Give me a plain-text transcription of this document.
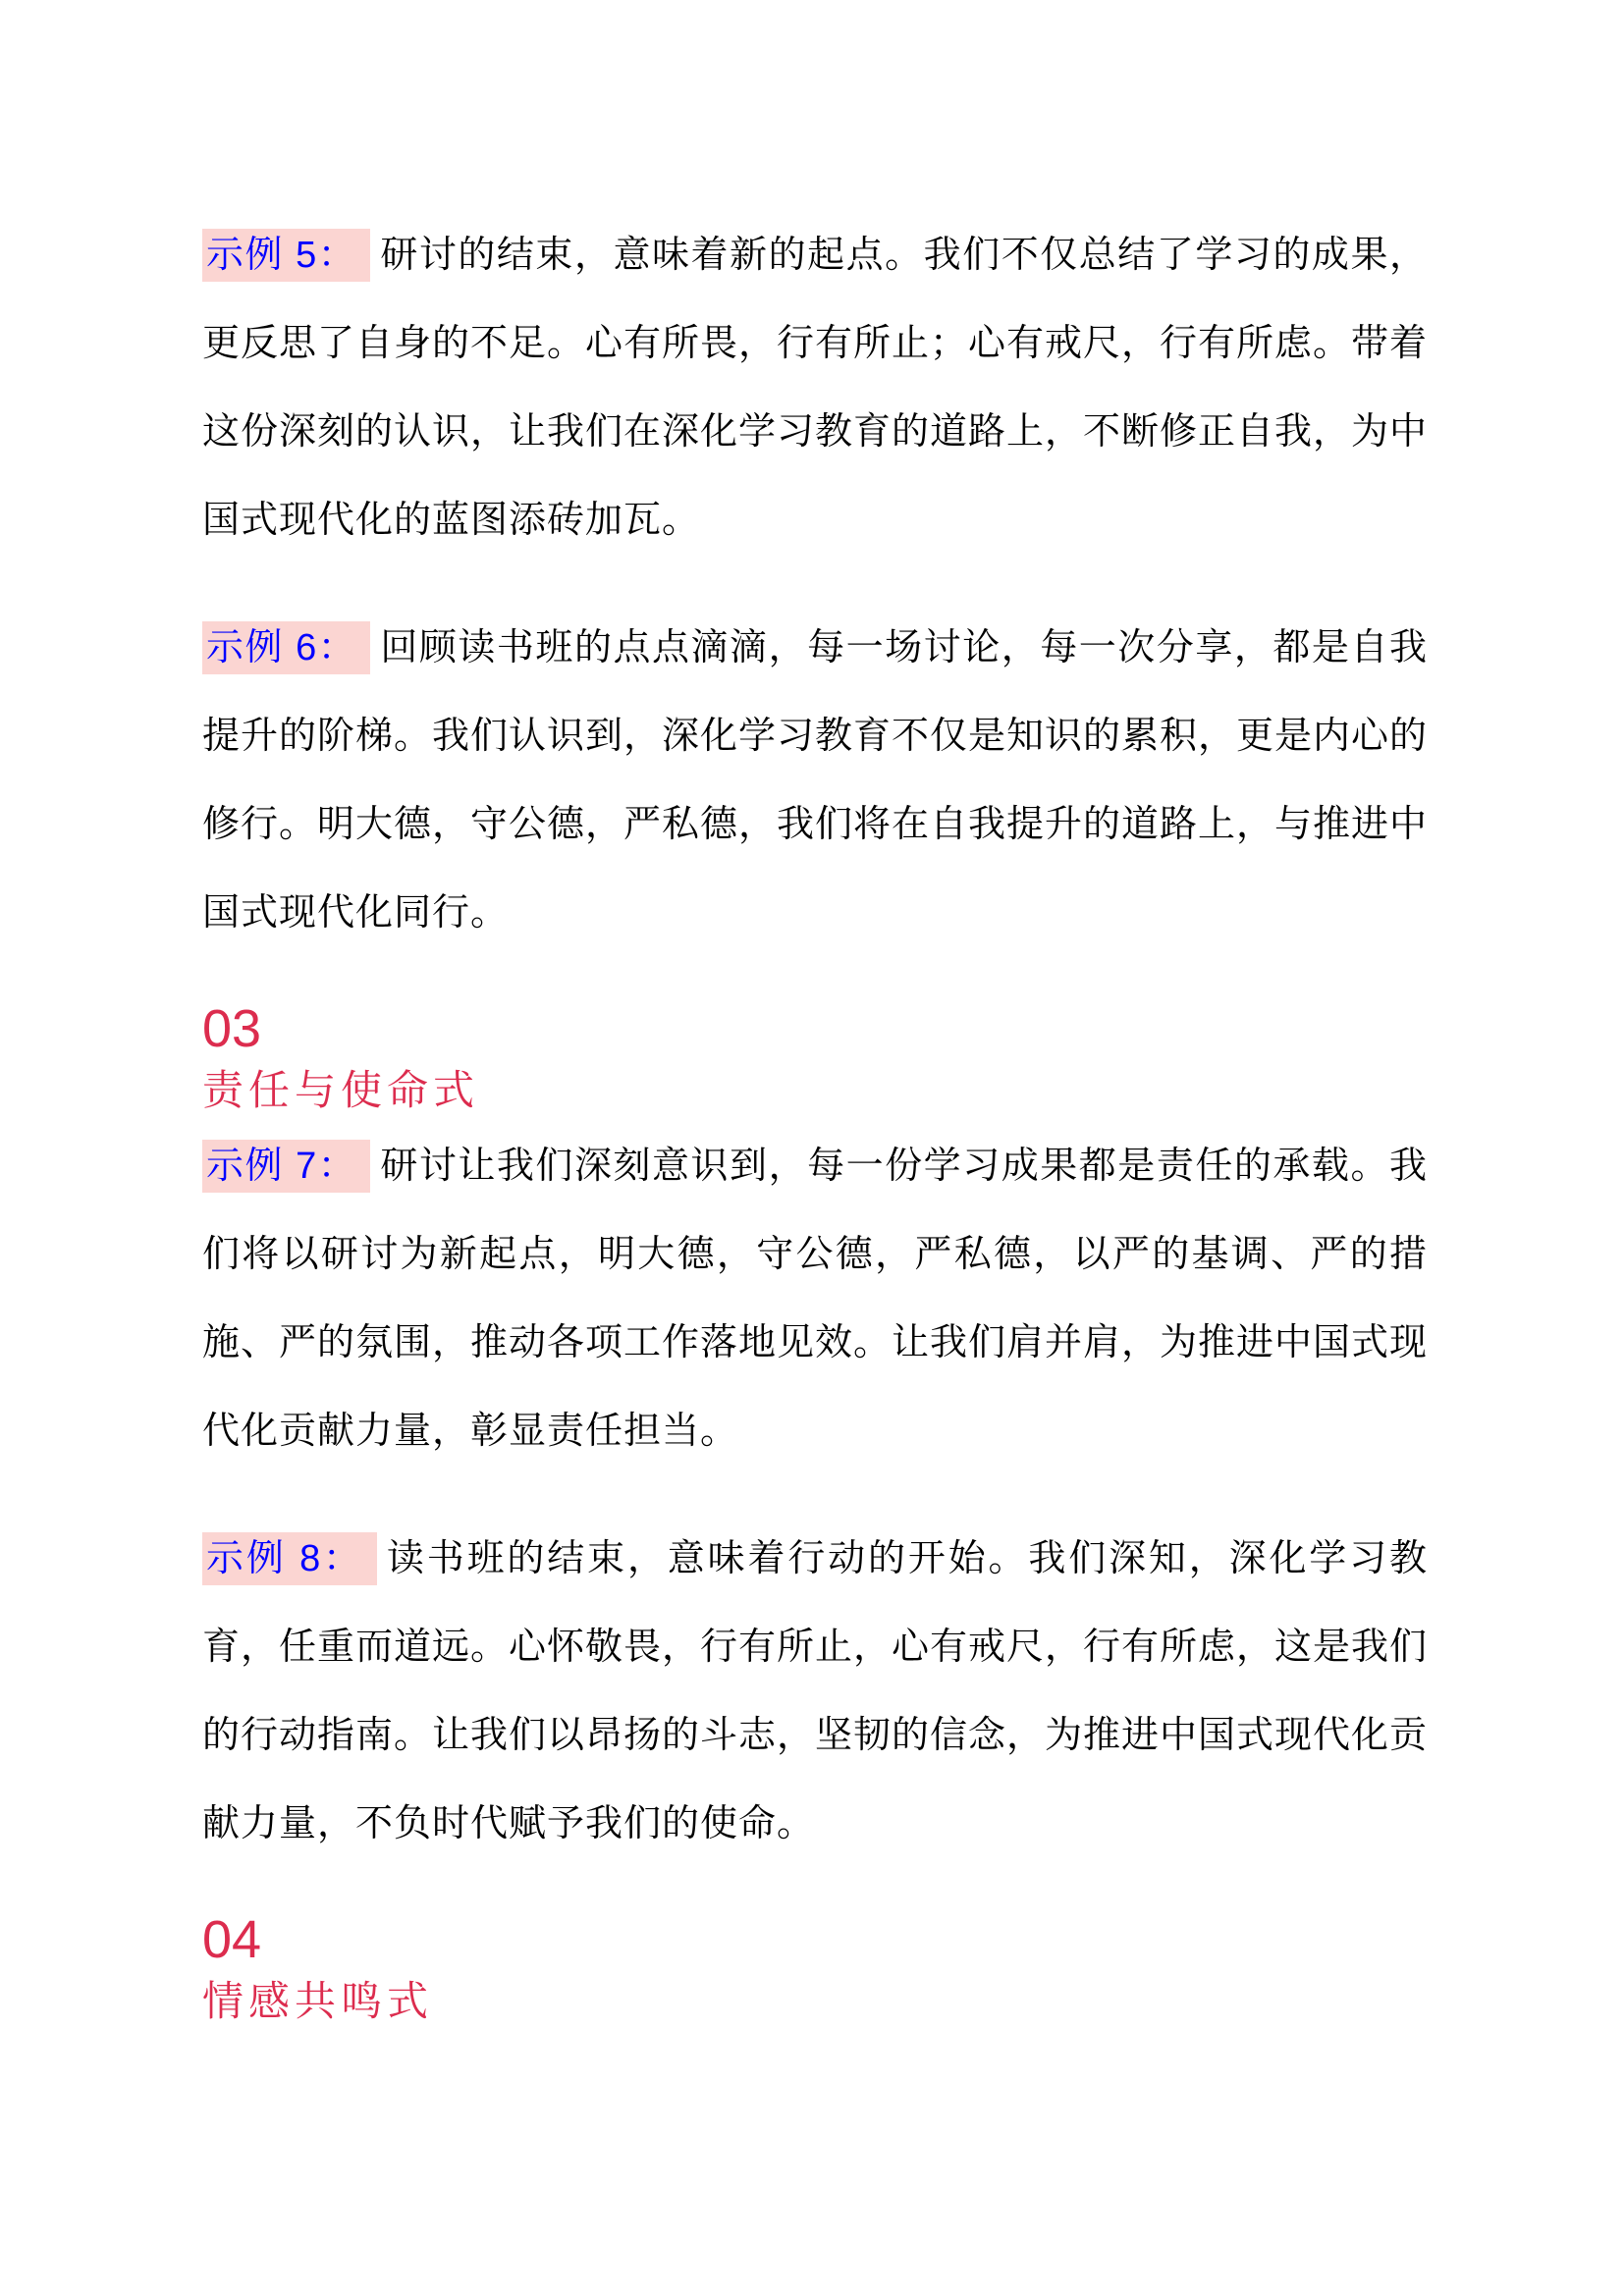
示例 5： 研讨的结束，意味着新的起点。我们不仅总结了学习的成果，更反思了自身的不足。心有所畏，行有所止；心有戒尺，行有所虑。带着这份深刻的认识，让我们在深化学习教育的道路上，不断修正自我，为中国式现代化的蓝图添砖加瓦。

示例 6： 回顾读书班的点点滴滴，每一场讨论，每一次分享，都是自我提升的阶梯。我们认识到，深化学习教育不仅是知识的累积，更是内心的修行。明大德，守公德，严私德，我们将在自我提升的道路上，与推进中国式现代化同行。

03
责任与使命式

示例 7： 研讨让我们深刻意识到，每一份学习成果都是责任的承载。我们将以研讨为新起点，明大德，守公德，严私德，以严的基调、严的措施、严的氛围，推动各项工作落地见效。让我们肩并肩，为推进中国式现代化贡献力量，彰显责任担当。

示例 8： 读书班的结束，意味着行动的开始。我们深知，深化学习教育，任重而道远。心怀敬畏，行有所止，心有戒尺，行有所虑，这是我们的行动指南。让我们以昂扬的斗志，坚韧的信念，为推进中国式现代化贡献力量，不负时代赋予我们的使命。

04
情感共鸣式
